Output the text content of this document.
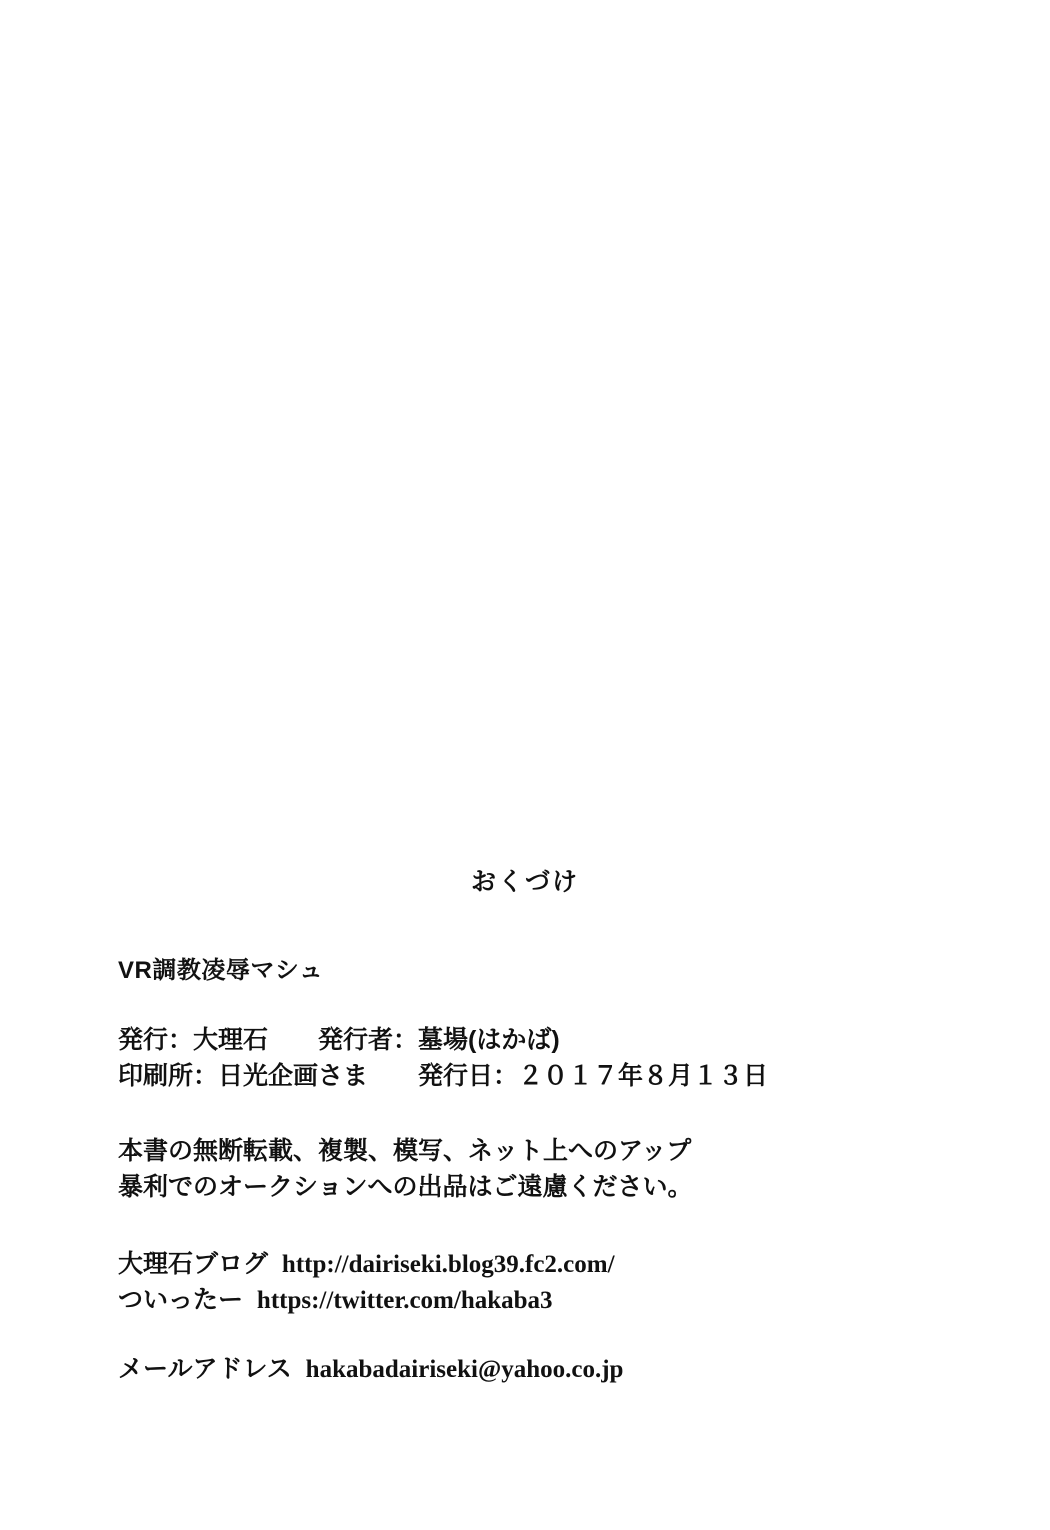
おくづけ
VR調教凌辱マシュ
発行：大理石　　発行者：墓場(はかば)
印刷所：日光企画さま　　発行日：２０１７年８月１３日
本書の無断転載、複製、模写、ネット上へのアップ
暴利でのオークションへの出品はご遠慮ください。
大理石ブログ http://dairiseki.blog39.fc2.com/
ついったー https://twitter.com/hakaba3
メールアドレス hakabadairiseki@yahoo.co.jp
